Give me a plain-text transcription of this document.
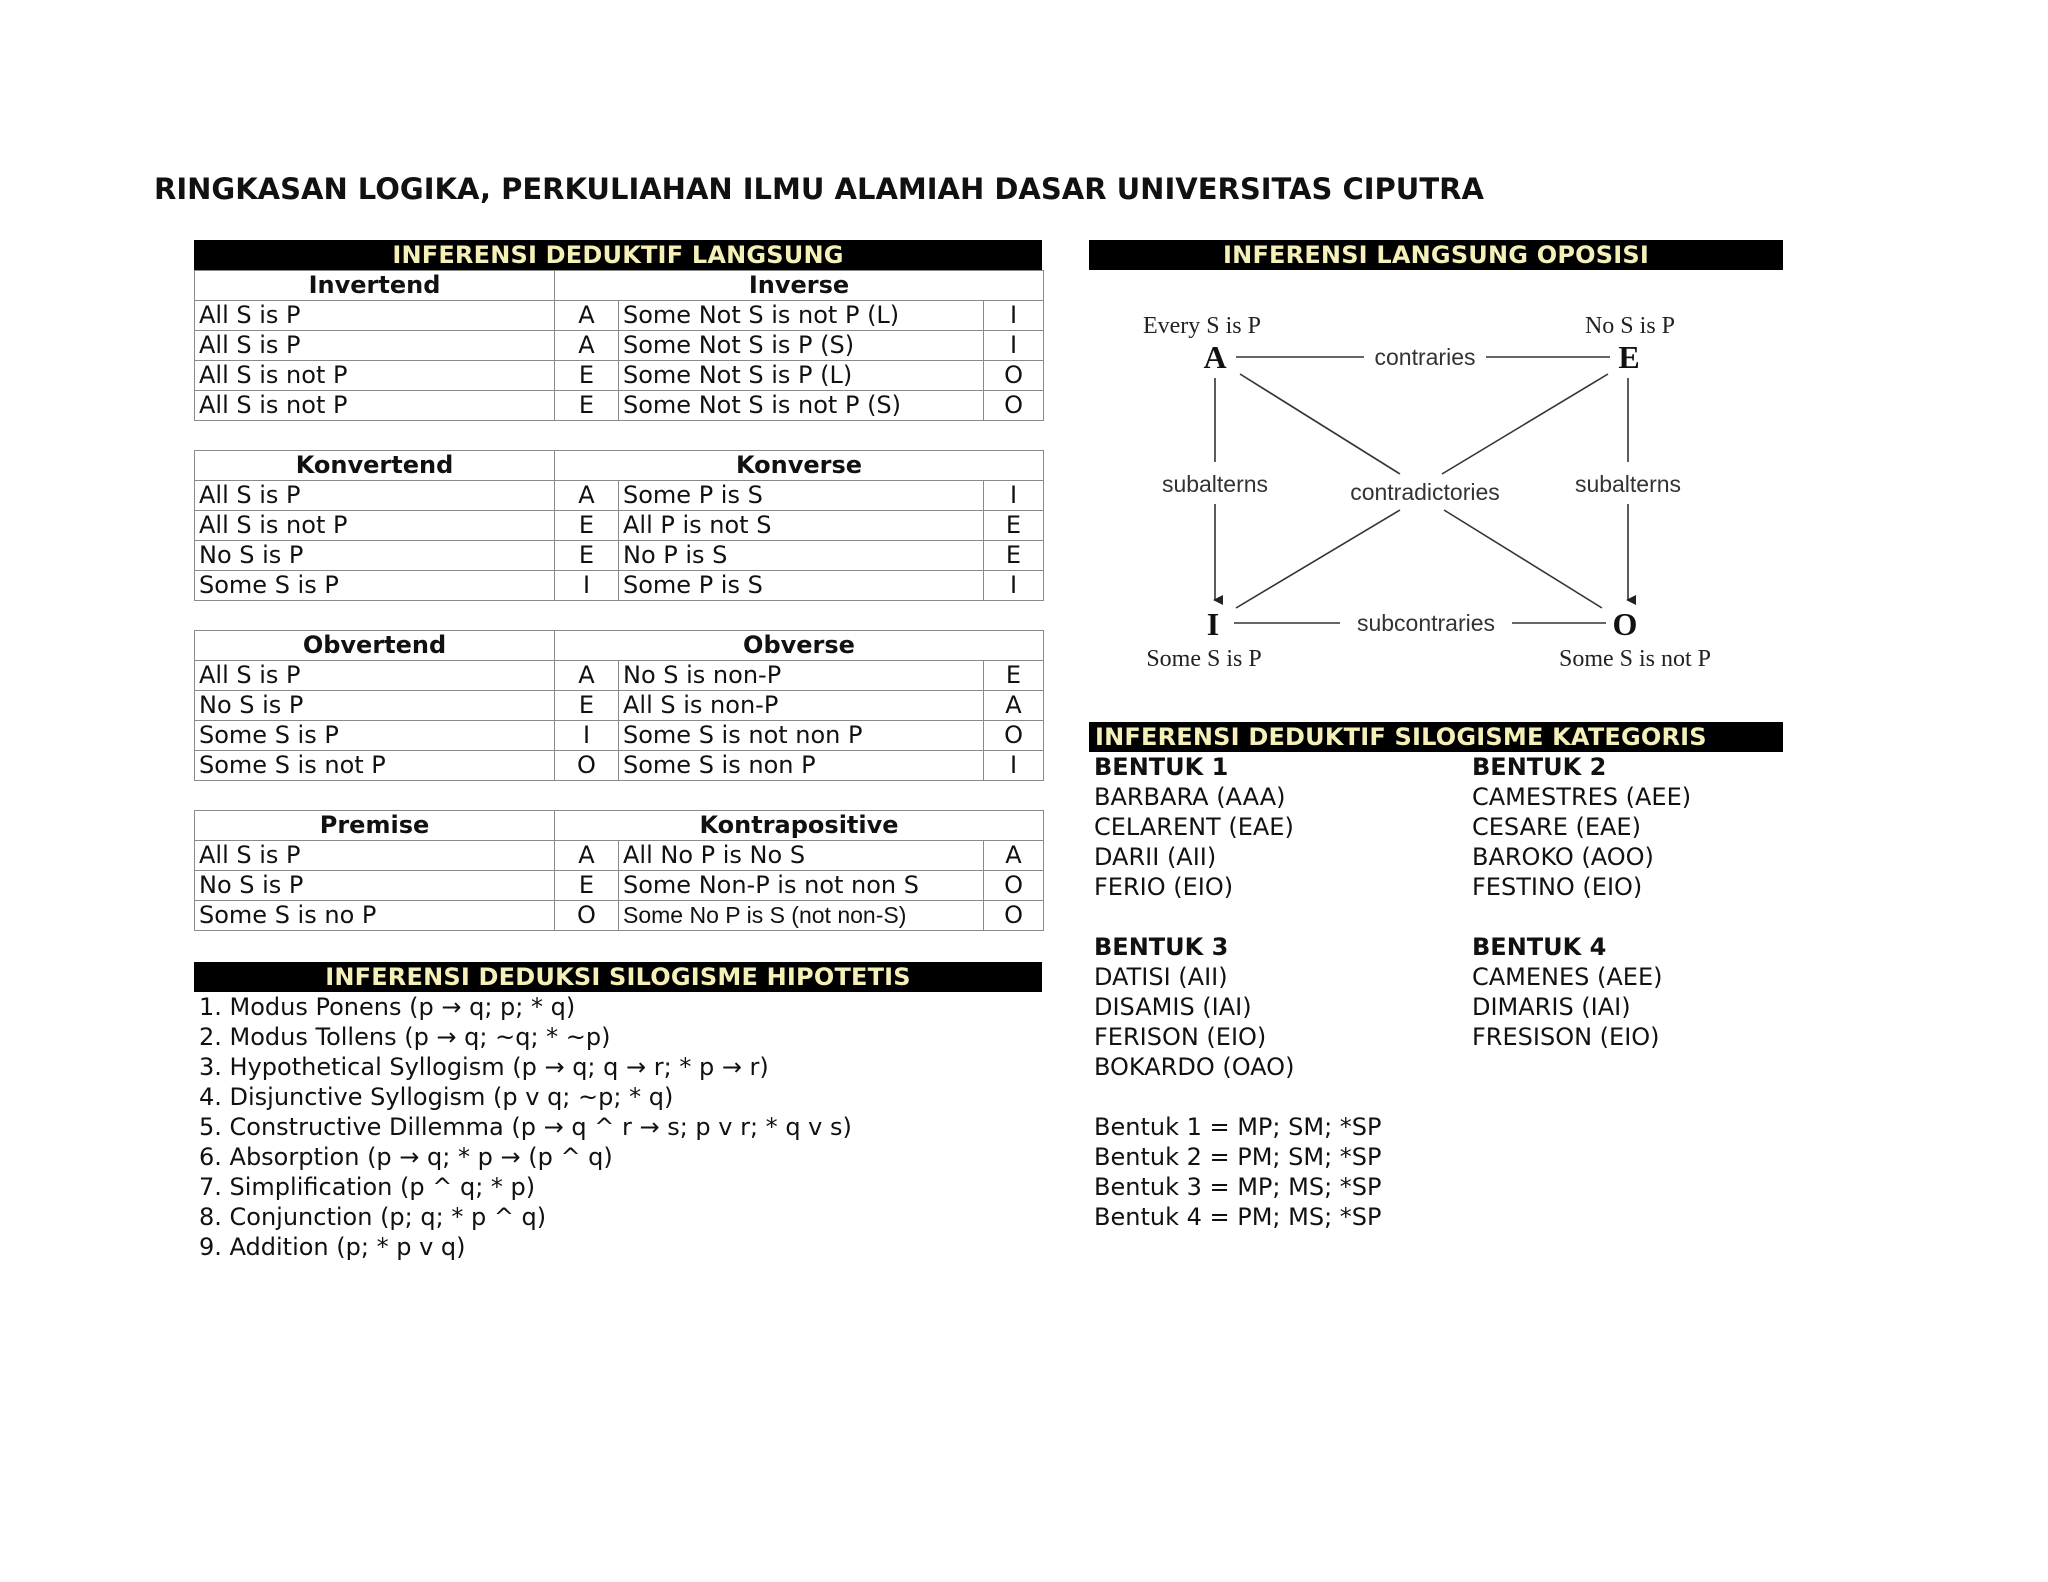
RINGKASAN LOGIKA, PERKULIAHAN ILMU ALAMIAH DASAR UNIVERSITAS CIPUTRA
INFERENSI DEDUKTIF LANGSUNG
Invertend	Inverse		
All S is P	A	Some Not S is not P (L)	I
All S is P	A	Some Not S is P (S)	I
All S is not P	E	Some Not S is P (L)	O
All S is not P	E	Some Not S is not P (S)	O
Konvertend	Konverse		
All S is P	A	Some P is S	I
All S is not P	E	All P is not S	E
No S is P	E	No P is S	E
Some S is P	I	Some P is S	I
Obvertend	Obverse		
All S is P	A	No S is non-P	E
No S is P	E	All S is non-P	A
Some S is P	I	Some S is not non P	O
Some S is not P	O	Some S is non P	I
Premise	Kontrapositive		
All S is P	A	All No P is No S	A
No S is P	E	Some Non-P is not non S	O
Some S is no P	O	Some No P is S (not non-S)	O
INFERENSI DEDUKSI SILOGISME HIPOTETIS
1. Modus Ponens (p → q; p; * q)
2. Modus Tollens (p → q; ~q; * ~p)
3. Hypothetical Syllogism (p → q; q → r; * p → r)
4. Disjunctive Syllogism (p v q; ~p; * q)
5. Constructive Dillemma (p → q ^ r → s; p v r; * q v s)
6. Absorption (p → q; * p → (p ^ q)
7. Simplification (p ^ q; * p)
8. Conjunction (p; q; * p ^ q)
9. Addition (p; * p v q)
INFERENSI LANGSUNG OPOSISI
Every S is P	No S is P
Some S is P	Some S is not P
A	E
I	O
contraries
subcontraries
subalterns	subalterns
contradictories
INFERENSI DEDUKTIF SILOGISME KATEGORIS
BENTUK 1
BARBARA (AAA)
CELARENT (EAE)
DARII (AII)
FERIO (EIO)
BENTUK 2
CAMESTRES (AEE)
CESARE (EAE)
BAROKO (AOO)
FESTINO (EIO)
BENTUK 3
DATISI (AII)
DISAMIS (IAI)
FERISON (EIO)
BOKARDO (OAO)
BENTUK 4
CAMENES (AEE)
DIMARIS (IAI)
FRESISON (EIO)
Bentuk 1 = MP; SM; *SP
Bentuk 2 = PM; SM; *SP
Bentuk 3 = MP; MS; *SP
Bentuk 4 = PM; MS; *SP
